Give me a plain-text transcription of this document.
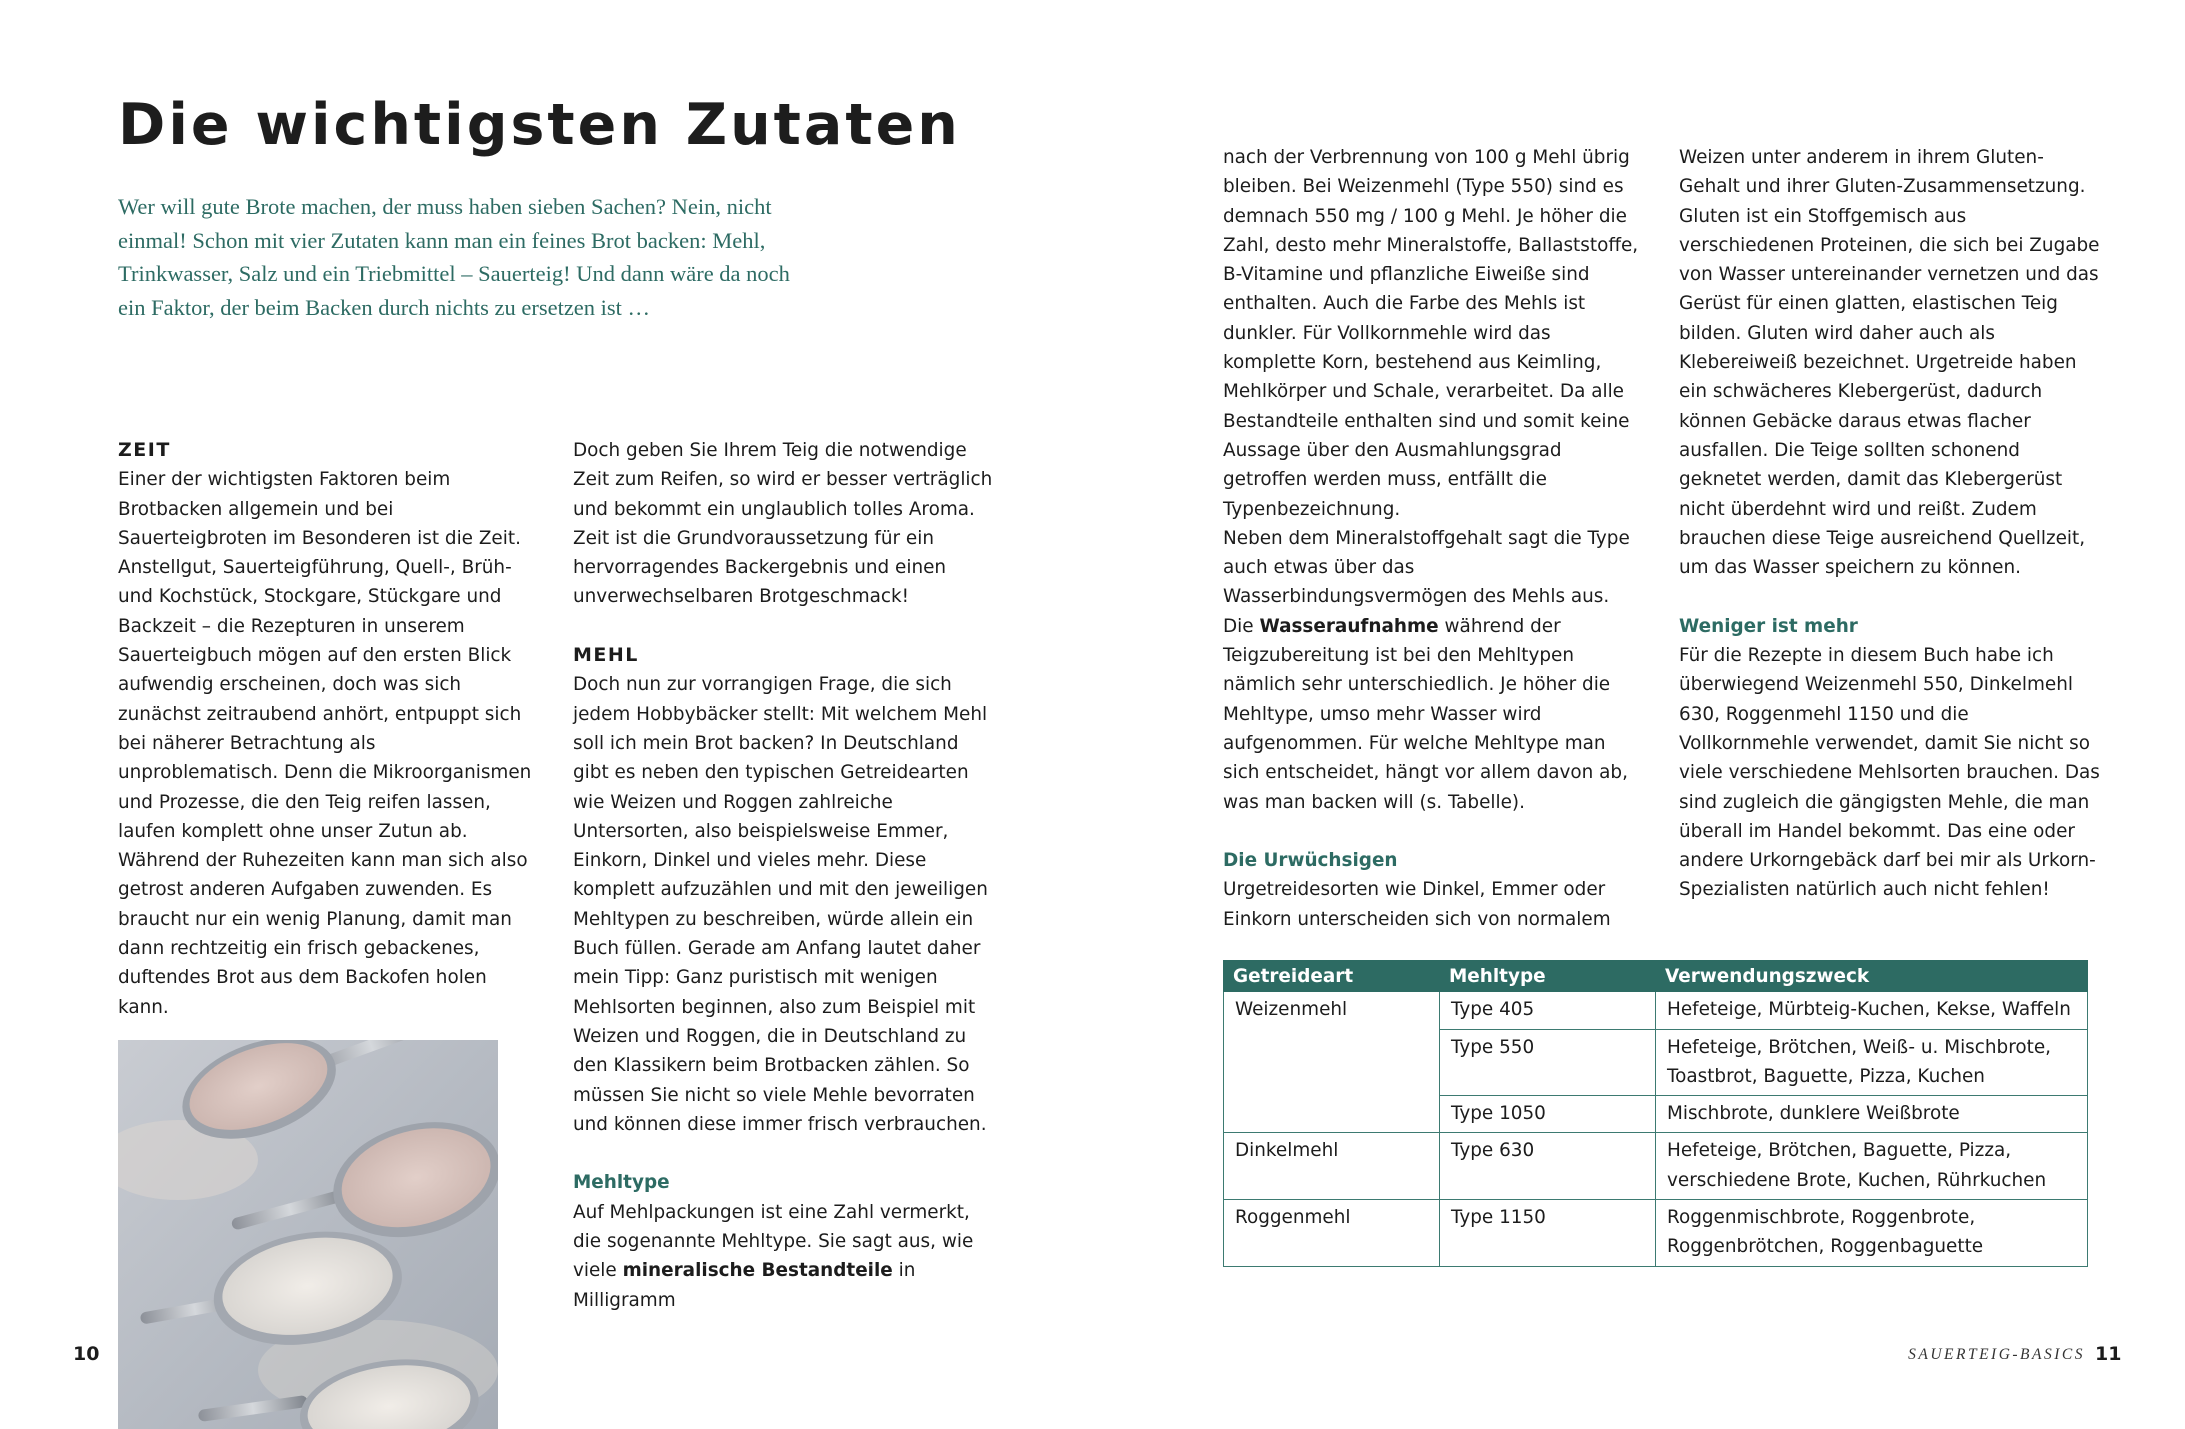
Die wichtigsten Zutaten

Wer will gute Brote machen, der muss haben sieben Sachen? Nein, nicht einmal! Schon mit vier Zutaten kann man ein feines Brot backen: Mehl, Trinkwasser, Salz und ein Triebmittel – Sauerteig! Und dann wäre da noch ein Faktor, der beim Backen durch nichts zu ersetzen ist …

ZEIT

Einer der wichtigsten Faktoren beim Brotbacken allgemein und bei Sauerteigbroten im Besonderen ist die Zeit. Anstellgut, Sauerteigführung, Quell-, Brüh- und Kochstück, Stockgare, Stückgare und Backzeit – die Rezepturen in unserem Sauerteigbuch mögen auf den ersten Blick aufwendig erscheinen, doch was sich zunächst zeitraubend anhört, entpuppt sich bei näherer Betrachtung als unproblematisch. Denn die Mikroorganismen und Prozesse, die den Teig reifen lassen, laufen komplett ohne unser Zutun ab. Während der Ruhezeiten kann man sich also getrost anderen Aufgaben zuwenden. Es braucht nur ein wenig Planung, damit man dann rechtzeitig ein frisch gebackenes, duftendes Brot aus dem Backofen holen kann.

Doch geben Sie Ihrem Teig die notwendige Zeit zum Reifen, so wird er besser verträglich und bekommt ein unglaublich tolles Aroma. Zeit ist die Grundvoraussetzung für ein hervorragendes Backergebnis und einen unverwechselbaren Brotgeschmack!

MEHL

Doch nun zur vorrangigen Frage, die sich jedem Hobbybäcker stellt: Mit welchem Mehl soll ich mein Brot backen? In Deutschland gibt es neben den typischen Getreidearten wie Weizen und Roggen zahlreiche Untersorten, also beispielsweise Emmer, Einkorn, Dinkel und vieles mehr. Diese komplett aufzuzählen und mit den jeweiligen Mehltypen zu beschreiben, würde allein ein Buch füllen. Gerade am Anfang lautet daher mein Tipp: Ganz puristisch mit wenigen Mehlsorten beginnen, also zum Beispiel mit Weizen und Roggen, die in Deutschland zu den Klassikern beim Brotbacken zählen. So müssen Sie nicht so viele Mehle bevorraten und können diese immer frisch verbrauchen.

Mehltype

Auf Mehlpackungen ist eine Zahl vermerkt, die sogenannte Mehltype. Sie sagt aus, wie viele mineralische Bestandteile in Milligramm

nach der Verbrennung von 100 g Mehl übrig bleiben. Bei Weizenmehl (Type 550) sind es demnach 550 mg / 100 g Mehl. Je höher die Zahl, desto mehr Mineralstoffe, Ballaststoffe, B-Vitamine und pflanzliche Eiweiße sind enthalten. Auch die Farbe des Mehls ist dunkler. Für Vollkornmehle wird das komplette Korn, bestehend aus Keimling, Mehlkörper und Schale, verarbeitet. Da alle Bestandteile enthalten sind und somit keine Aussage über den Ausmahlungsgrad getroffen werden muss, entfällt die Typenbezeichnung.

Neben dem Mineralstoffgehalt sagt die Type auch etwas über das Wasserbindungsvermögen des Mehls aus. Die Wasseraufnahme während der Teigzubereitung ist bei den Mehltypen nämlich sehr unterschiedlich. Je höher die Mehltype, umso mehr Wasser wird aufgenommen. Für welche Mehltype man sich entscheidet, hängt vor allem davon ab, was man backen will (s. Tabelle).

Die Urwüchsigen

Urgetreidesorten wie Dinkel, Emmer oder Einkorn unterscheiden sich von normalem

Weizen unter anderem in ihrem Gluten-Gehalt und ihrer Gluten-Zusammensetzung. Gluten ist ein Stoffgemisch aus verschiedenen Proteinen, die sich bei Zugabe von Wasser untereinander vernetzen und das Gerüst für einen glatten, elastischen Teig bilden. Gluten wird daher auch als Klebereiweiß bezeichnet. Urgetreide haben ein schwächeres Klebergerüst, dadurch können Gebäcke daraus etwas flacher ausfallen. Die Teige sollten schonend geknetet werden, damit das Klebergerüst nicht überdehnt wird und reißt. Zudem brauchen diese Teige ausreichend Quellzeit, um das Wasser speichern zu können.

Weniger ist mehr

Für die Rezepte in diesem Buch habe ich überwiegend Weizenmehl 550, Dinkelmehl 630, Roggenmehl 1150 und die Vollkornmehle verwendet, damit Sie nicht so viele verschiedene Mehlsorten brauchen. Das sind zugleich die gängigsten Mehle, die man überall im Handel bekommt. Das eine oder andere Urkorngebäck darf bei mir als Urkorn-Spezialisten natürlich auch nicht fehlen!

Getreideart	Mehltype	Verwendungszweck
Weizenmehl	Type 405	Hefeteige, Mürbteig-Kuchen, Kekse, Waffeln
	Type 550	Hefeteige, Brötchen, Weiß- u. Mischbrote, Toastbrot, Baguette, Pizza, Kuchen
	Type 1050	Mischbrote, dunklere Weißbrote
Dinkelmehl	Type 630	Hefeteige, Brötchen, Baguette, Pizza, verschiedene Brote, Kuchen, Rührkuchen
Roggenmehl	Type 1150	Roggenmischbrote, Roggenbrote, Roggenbrötchen, Roggenbaguette
10	SAUERTEIG-BASICS 11
